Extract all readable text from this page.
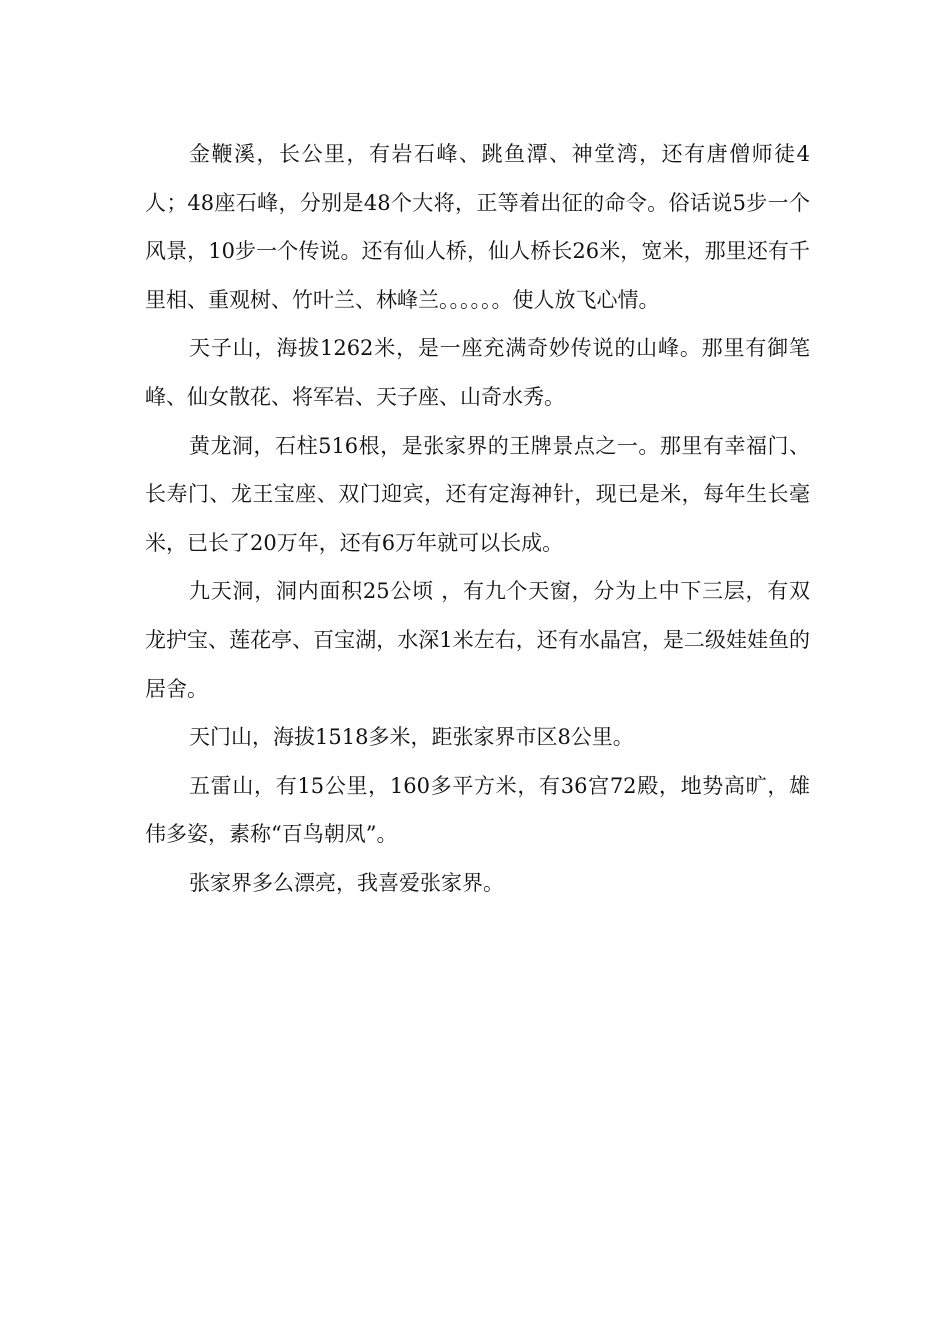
金鞭溪，长公里，有岩石峰、跳鱼潭、神堂湾，还有唐僧师徒4人；48座石峰，分别是48个大将，正等着出征的命令。俗话说5步一个风景，10步一个传说。还有仙人桥，仙人桥长26米，宽米，那里还有千里相、重观树、竹叶兰、林峰兰。。。。。。使人放飞心情。

天子山，海拔1262米，是一座充满奇妙传说的山峰。那里有御笔峰、仙女散花、将军岩、天子座、山奇水秀。

黄龙洞，石柱516根，是张家界的王牌景点之一。那里有幸福门、长寿门、龙王宝座、双门迎宾，还有定海神针，现已是米，每年生长毫米，已长了20万年，还有6万年就可以长成。

九天洞，洞内面积25公顷 ，有九个天窗，分为上中下三层，有双龙护宝、莲花亭、百宝湖，水深1米左右，还有水晶宫，是二级娃娃鱼的居舍。

天门山，海拔1518多米，距张家界市区8公里。

五雷山，有15公里，160多平方米，有36宫72殿，地势高旷，雄伟多姿，素称“百鸟朝凤”。

张家界多么漂亮，我喜爱张家界。
